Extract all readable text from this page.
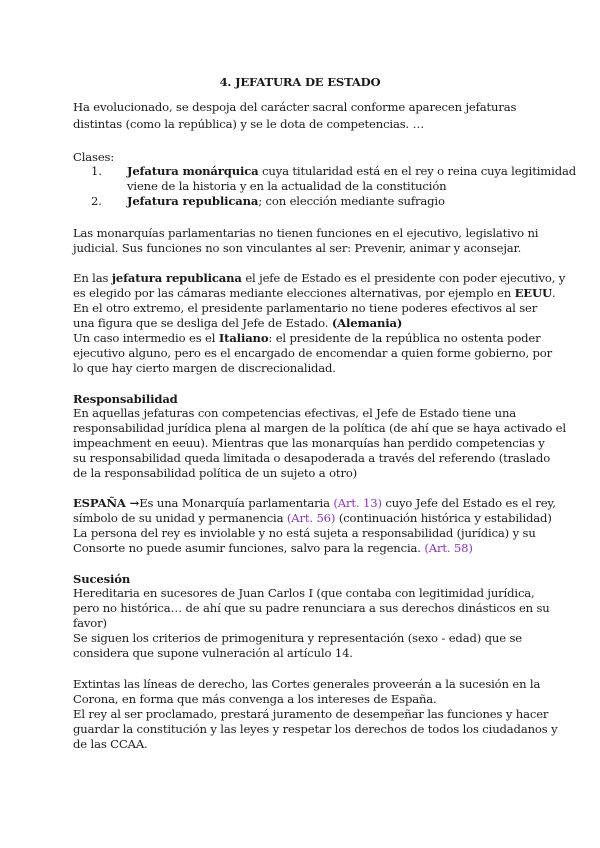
4. JEFATURA DE ESTADO
Ha evolucionado, se despoja del carácter sacral conforme aparecen jefaturas
distintas (como la república) y se le dota de competencias. …
Clases:
1. Jefatura monárquica cuya titularidad está en el rey o reina cuya legitimidad
viene de la historia y en la actualidad de la constitución
2. Jefatura republicana; con elección mediante sufragio
Las monarquías parlamentarias no tienen funciones en el ejecutivo, legislativo ni
judicial. Sus funciones no son vinculantes al ser: Prevenir, animar y aconsejar.
En las jefatura republicana el jefe de Estado es el presidente con poder ejecutivo, y
es elegido por las cámaras mediante elecciones alternativas, por ejemplo en EEUU.
En el otro extremo, el presidente parlamentario no tiene poderes efectivos al ser
una figura que se desliga del Jefe de Estado. (Alemania)
Un caso intermedio es el Italiano: el presidente de la república no ostenta poder
ejecutivo alguno, pero es el encargado de encomendar a quien forme gobierno, por
lo que hay cierto margen de discrecionalidad.
Responsabilidad
En aquellas jefaturas con competencias efectivas, el Jefe de Estado tiene una
responsabilidad jurídica plena al margen de la política (de ahí que se haya activado el
impeachment en eeuu). Mientras que las monarquías han perdido competencias y
su responsabilidad queda limitada o desapoderada a través del referendo (traslado
de la responsabilidad política de un sujeto a otro)
ESPAÑA →Es una Monarquía parlamentaria (Art. 13) cuyo Jefe del Estado es el rey,
símbolo de su unidad y permanencia (Art. 56) (continuación histórica y estabilidad)
La persona del rey es inviolable y no está sujeta a responsabilidad (jurídica) y su
Consorte no puede asumir funciones, salvo para la regencia. (Art. 58)
Sucesión
Hereditaria en sucesores de Juan Carlos I (que contaba con legitimidad jurídica,
pero no histórica… de ahí que su padre renunciara a sus derechos dinásticos en su
favor)
Se siguen los criterios de primogenitura y representación (sexo - edad) que se
considera que supone vulneración al artículo 14.
Extintas las líneas de derecho, las Cortes generales proveerán a la sucesión en la
Corona, en forma que más convenga a los intereses de España.
El rey al ser proclamado, prestará juramento de desempeñar las funciones y hacer
guardar la constitución y las leyes y respetar los derechos de todos los ciudadanos y
de las CCAA.
